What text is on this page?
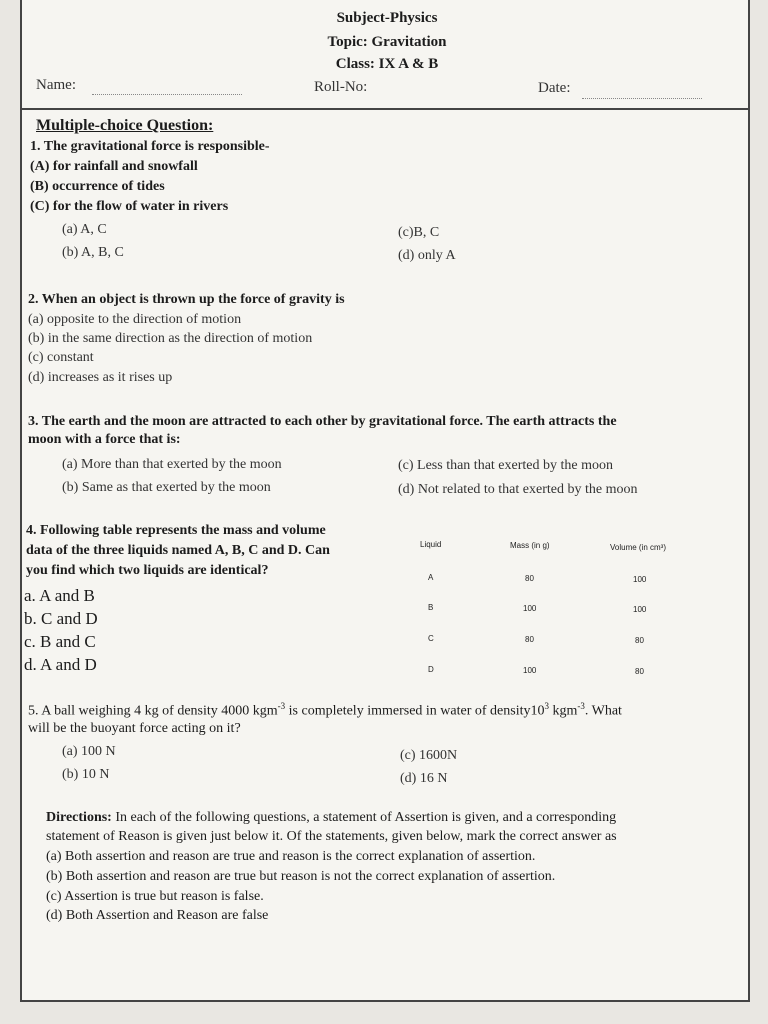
Subject-Physics
Topic: Gravitation
Class: IX A & B
Name:	Roll-No:	Date:
Multiple-choice Question:
1. The gravitational force is responsible-
(A) for rainfall and snowfall
(B) occurrence of tides
(C) for the flow of water in rivers
(a) A, C
(b) A, B, C
(c)B, C
(d) only A
2. When an object is thrown up the force of gravity is
(a) opposite to the direction of motion
(b) in the same direction as the direction of motion
(c) constant
(d) increases as it rises up
3. The earth and the moon are attracted to each other by gravitational force. The earth attracts the
moon with a force that is:
(a) More than that exerted by the moon
(b) Same as that exerted by the moon
(c) Less than that exerted by the moon
(d) Not related to that exerted by the moon
4. Following table represents the mass and volume
data of the three liquids named A, B, C and D. Can
you find which two liquids are identical?
a. A and B
b. C and D
c. B and C
d. A and D
Liquid	Mass (in g)	Volume (in cm³)
A	80	100
B	100	100
C	80	80
D	100	80
5. A ball weighing 4 kg of density 4000 kgm$^{-3}$ is completely immersed in water of $density10^3$ kgm$^{-3}$. What
will be the buoyant force acting on it?
(a) 100 N
(b) 10 N
(c) 1600N
(d) 16 N
Directions: In each of the following questions, a statement of Assertion is given, and a corresponding
statement of Reason is given just below it. Of the statements, given below, mark the correct answer as
(a) Both assertion and reason are true and reason is the correct explanation of assertion.
(b) Both assertion and reason are true but reason is not the correct explanation of assertion.
(c) Assertion is true but reason is false.
(d) Both Assertion and Reason are false
